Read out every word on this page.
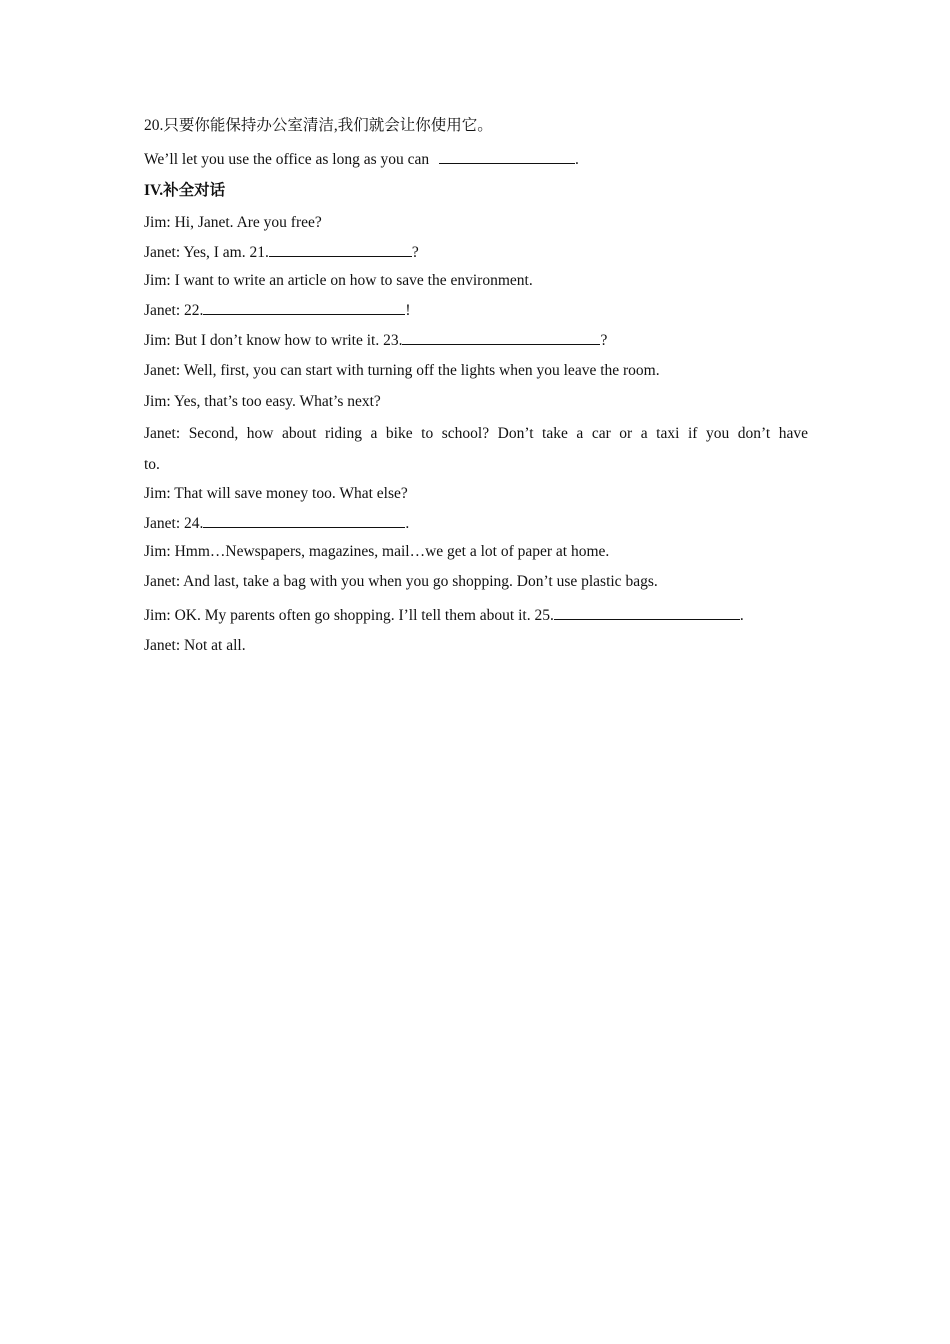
20.只要你能保持办公室清洁,我们就会让你使用它。
We’ll let you use the office as long as you can	.
IV.补全对话
Jim: Hi, Janet. Are you free?
Janet: Yes, I am. 21.	?
Jim: I want to write an article on how to save the environment.
Janet: 22.	!
Jim: But I don’t know how to write it. 23.	?
Janet: Well, first, you can start with turning off the lights when you leave the room.
Jim: Yes, that’s too easy. What’s next?
Janet: Second, how about riding a bike to school? Don’t take a car or a taxi if you don’t have
to.
Jim: That will save money too. What else?
Janet: 24.	.
Jim: Hmm…Newspapers, magazines, mail…we get a lot of paper at home.
Janet: And last, take a bag with you when you go shopping. Don’t use plastic bags.
Jim: OK. My parents often go shopping. I’ll tell them about it. 25.	.
Janet: Not at all.
